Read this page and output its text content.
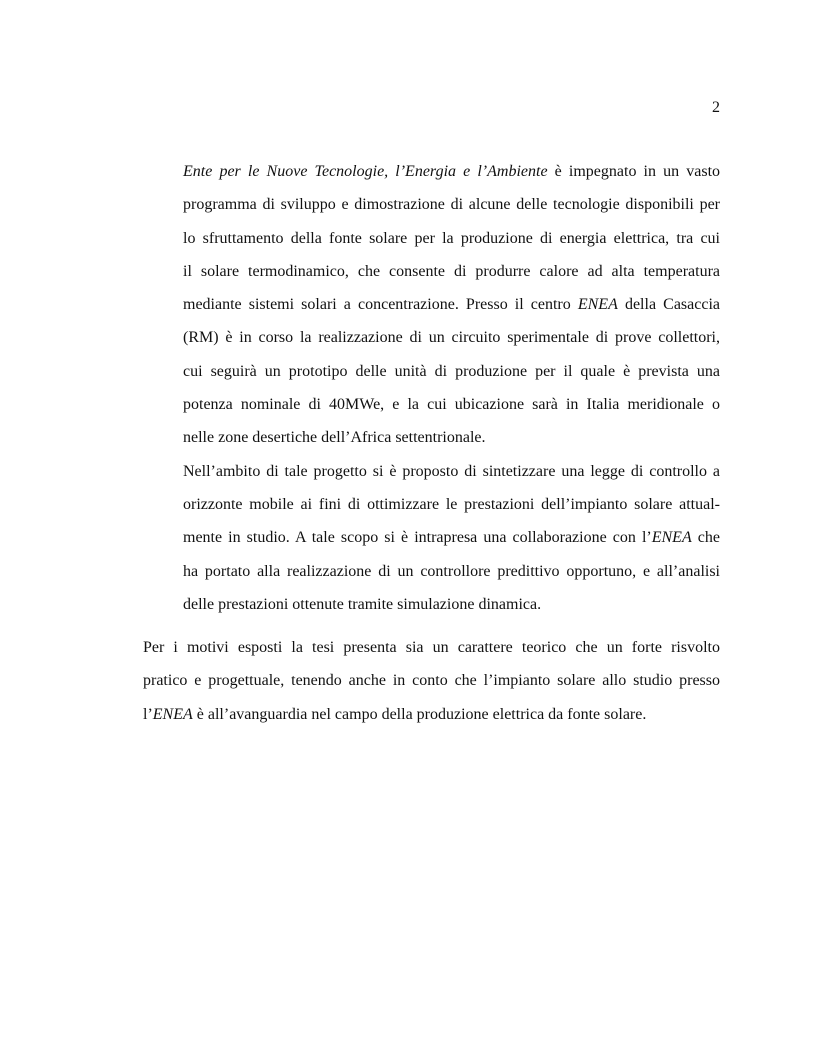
2
Ente per le Nuove Tecnologie, l’Energia e l’Ambiente è impegnato in un vasto
programma di sviluppo e dimostrazione di alcune delle tecnologie disponibili per
lo sfruttamento della fonte solare per la produzione di energia elettrica, tra cui
il solare termodinamico, che consente di produrre calore ad alta temperatura
mediante sistemi solari a concentrazione. Presso il centro ENEA della Casaccia
(RM) è in corso la realizzazione di un circuito sperimentale di prove collettori,
cui seguirà un prototipo delle unità di produzione per il quale è prevista una
potenza nominale di 40MWe, e la cui ubicazione sarà in Italia meridionale o
nelle zone desertiche dell’Africa settentrionale.
Nell’ambito di tale progetto si è proposto di sintetizzare una legge di controllo a
orizzonte mobile ai fini di ottimizzare le prestazioni dell’impianto solare attual-
mente in studio. A tale scopo si è intrapresa una collaborazione con l’ENEA che
ha portato alla realizzazione di un controllore predittivo opportuno, e all’analisi
delle prestazioni ottenute tramite simulazione dinamica.
Per i motivi esposti la tesi presenta sia un carattere teorico che un forte risvolto
pratico e progettuale, tenendo anche in conto che l’impianto solare allo studio presso
l’ENEA è all’avanguardia nel campo della produzione elettrica da fonte solare.
